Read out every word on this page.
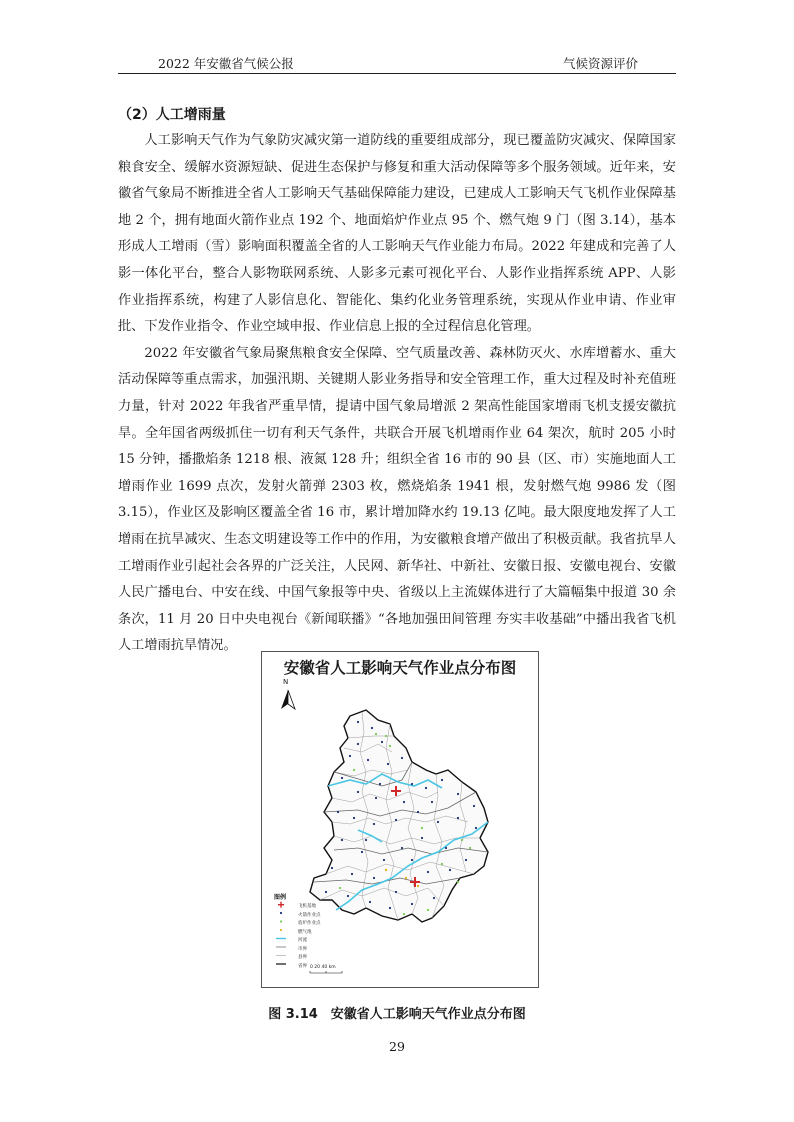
2022 年安徽省气候公报	气候资源评价
（2）人工增雨量

人工影响天气作为气象防灾减灾第一道防线的重要组成部分，现已覆盖防灾减灾、保障国家粮食安全、缓解水资源短缺、促进生态保护与修复和重大活动保障等多个服务领域。近年来，安徽省气象局不断推进全省人工影响天气基础保障能力建设，已建成人工影响天气飞机作业保障基地 2 个，拥有地面火箭作业点 192 个、地面焰炉作业点 95 个、燃气炮 9 门（图 3.14），基本形成人工增雨（雪）影响面积覆盖全省的人工影响天气作业能力布局。2022 年建成和完善了人影一体化平台，整合人影物联网系统、人影多元素可视化平台、人影作业指挥系统 APP、人影作业指挥系统，构建了人影信息化、智能化、集约化业务管理系统，实现从作业申请、作业审批、下发作业指令、作业空域申报、作业信息上报的全过程信息化管理。

2022 年安徽省气象局聚焦粮食安全保障、空气质量改善、森林防灭火、水库增蓄水、重大活动保障等重点需求，加强汛期、关键期人影业务指导和安全管理工作，重大过程及时补充值班力量，针对 2022 年我省严重旱情，提请中国气象局增派 2 架高性能国家增雨飞机支援安徽抗旱。全年国省两级抓住一切有利天气条件，共联合开展飞机增雨作业 64 架次，航时 205 小时 15 分钟，播撒焰条 1218 根、液氮 128 升；组织全省 16 市的 90 县（区、市）实施地面人工增雨作业 1699 点次，发射火箭弹 2303 枚，燃烧焰条 1941 根，发射燃气炮 9986 发（图 3.15），作业区及影响区覆盖全省 16 市，累计增加降水约 19.13 亿吨。最大限度地发挥了人工增雨在抗旱减灾、生态文明建设等工作中的作用，为安徽粮食增产做出了积极贡献。我省抗旱人工增雨作业引起社会各界的广泛关注，人民网、新华社、中新社、安徽日报、安徽电视台、安徽人民广播电台、中安在线、中国气象报等中央、省级以上主流媒体进行了大篇幅集中报道 30 余条次，11 月 20 日中央电视台《新闻联播》“各地加强田间管理 夯实丰收基础”中播出我省飞机人工增雨抗旱情况。

安徽省人工影响天气作业点分布图
N
图例
飞机基地
火箭作业点
焰炉作业点
燃气炮
河流
市界
县界
省界 0 20 40 km
图 3.14　安徽省人工影响天气作业点分布图
29
